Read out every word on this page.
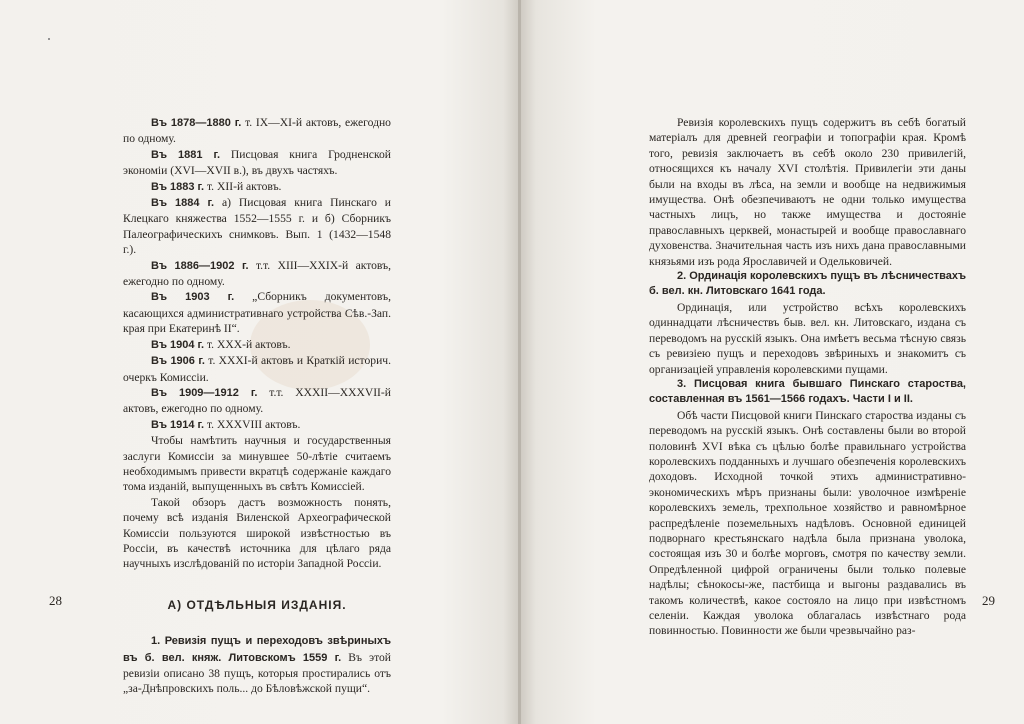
Въ 1878—1880 г. т. IX—XI-й актовъ, ежегодно по одному.

Въ 1881 г. Писцовая книга Гродненской экономіи (XVI—XVII в.), въ двухъ частяхъ.

Въ 1883 г. т. XII-й актовъ.

Въ 1884 г. а) Писцовая книга Пинскаго и Клецкаго княжества 1552—1555 г. и б) Сборникъ Палеографическихъ снимковъ. Вып. 1 (1432—1548 г.).

Въ 1886—1902 г. т.т. XIII—XXIX-й актовъ, ежегодно по одному.

Въ 1903 г. „Сборникъ документовъ, касающихся административнаго устройства Сѣв.-Зап. края при Екатеринѣ II“.

Въ 1904 г. т. XXX-й актовъ.

Въ 1906 г. т. XXXI-й актовъ и Краткій историч. очеркъ Комиссіи.

Въ 1909—1912 г. т.т. XXXII—XXXVII-й актовъ, ежегодно по одному.

Въ 1914 г. т. XXXVIII актовъ.

Чтобы намѣтить научныя и государственныя заслуги Комиссіи за минувшее 50-лѣтіе считаемъ необходимымъ привести вкратцѣ содержаніе каждаго тома изданій, выпущенныхъ въ свѣтъ Комиссіей.

Такой обзоръ дастъ возможность понять, почему всѣ изданія Виленской Археографической Комиссіи пользуются широкой извѣстностью въ Россіи, въ качествѣ источника для цѣлаго ряда научныхъ изслѣдованій по исторіи Западной Россіи.

А) ОТДѢЛЬНЫЯ ИЗДАНІЯ.

1. Ревизія пущъ и переходовъ звѣриныхъ въ б. вел. княж. Литовскомъ 1559 г. Въ этой ревизіи описано 38 пущъ, которыя простирались отъ „за-Днѣпровскихъ поль... до Бѣловѣжской пущи“.

28

Ревизія королевскихъ пущъ содержитъ въ себѣ богатый матеріалъ для древней географіи и топографіи края. Кромѣ того, ревизія заключаетъ въ себѣ около 230 привилегій, относящихся къ началу XVI столѣтія. Привилегіи эти даны были на входы въ лѣса, на земли и вообще на недвижимыя имущества. Онѣ обезпечиваютъ не одни только имущества частныхъ лицъ, но также имущества и достояніе православныхъ церквей, монастырей и вообще православнаго духовенства. Значительная часть изъ нихъ дана православными князьями изъ рода Ярославичей и Одельковичей.

2. Ординація королевскихъ пущъ въ лѣсничествахъ б. вел. кн. Литовскаго 1641 года.

Ординація, или устройство всѣхъ королевскихъ одиннадцати лѣсничествъ быв. вел. кн. Литовскаго, издана съ переводомъ на русскій языкъ. Она имѣетъ весьма тѣсную связь съ ревизіею пущъ и переходовъ звѣриныхъ и знакомитъ съ организаціей управленія королевскими пущами.

3. Писцовая книга бывшаго Пинскаго староства, составленная въ 1561—1566 годахъ. Части I и II.

Обѣ части Писцовой книги Пинскаго староства изданы съ переводомъ на русскій языкъ. Онѣ составлены были во второй половинѣ XVI вѣка съ цѣлью болѣе правильнаго устройства королевскихъ подданныхъ и лучшаго обезпеченія королевскихъ доходовъ. Исходной точкой этихъ административно-экономическихъ мѣръ признаны были: уволочное измѣреніе королевскихъ земель, трехпольное хозяйство и равномѣрное распредѣленіе поземельныхъ надѣловъ. Основной единицей подворнаго крестьянскаго надѣла была признана уволока, состоящая изъ 30 и болѣе морговъ, смотря по качеству земли. Опредѣленной цифрой ограничены были только полевые надѣлы; сѣнокосы-же, пастбища и выгоны раздавались въ такомъ количествѣ, какое состояло на лицо при извѣстномъ селеніи. Каждая уволока облагалась извѣстнаго рода повинностью. Повинности же были чрезвычайно раз-

29
